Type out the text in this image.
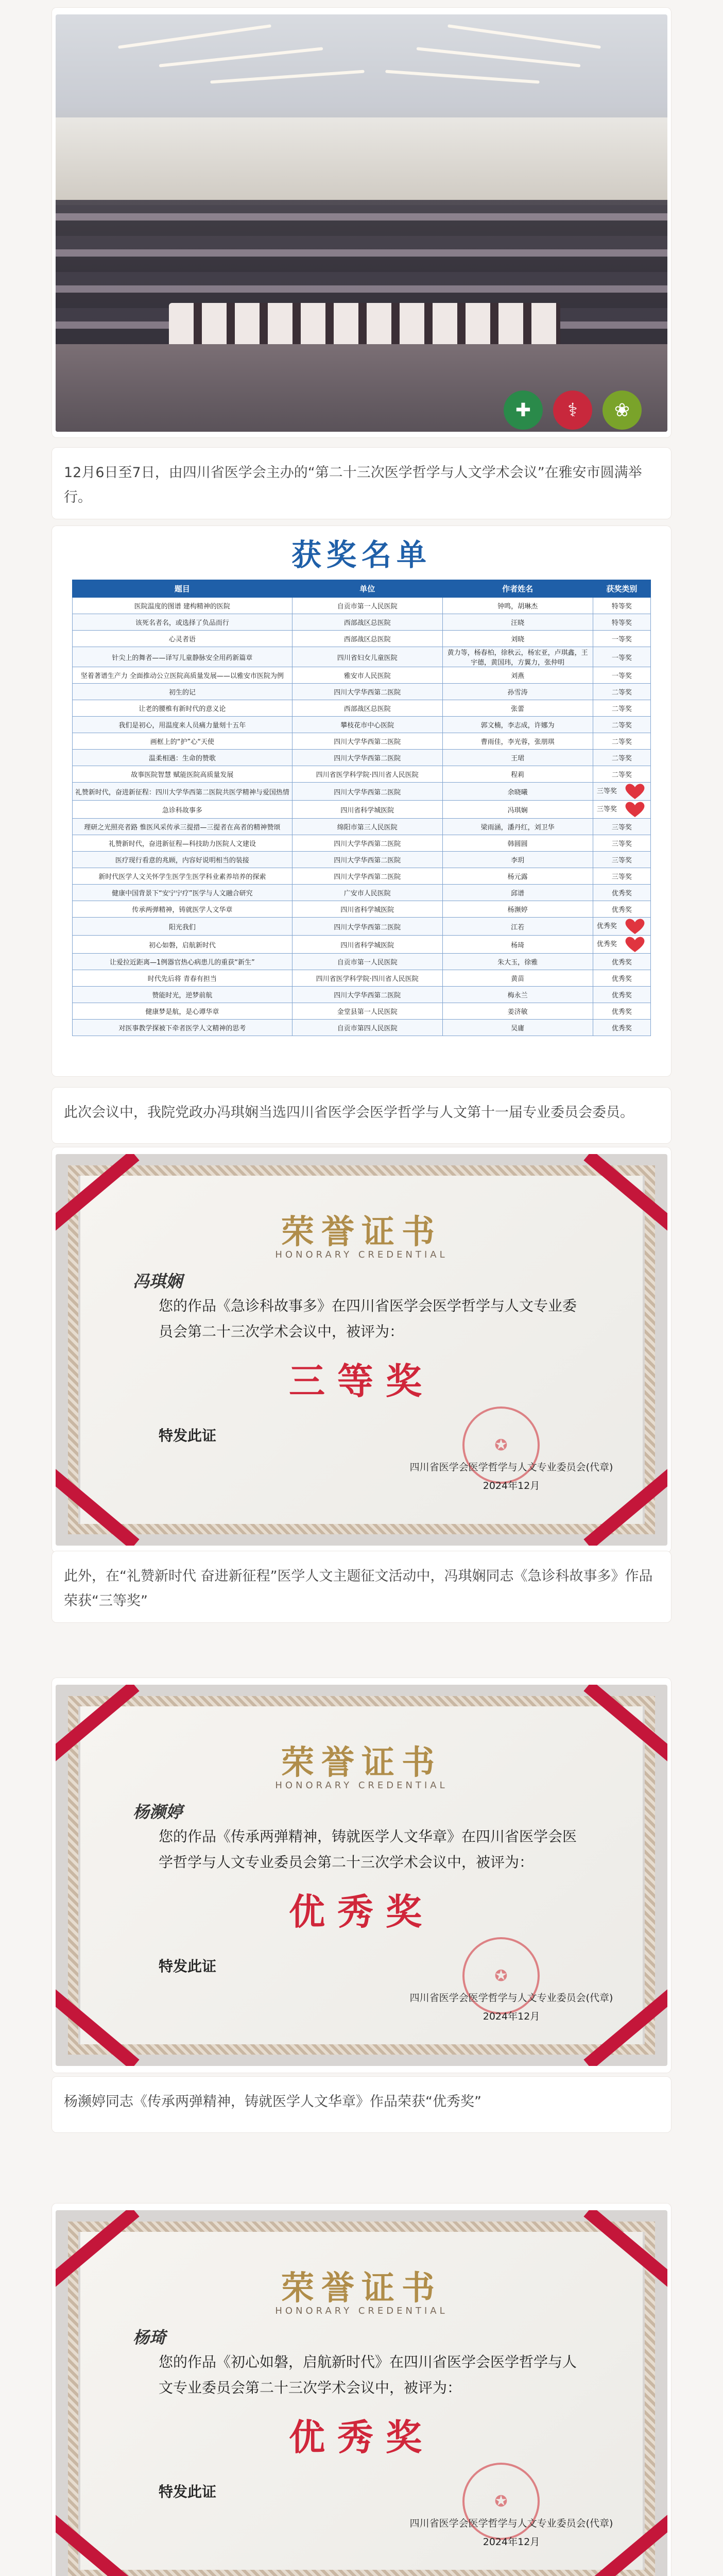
✚	⚕	❀
12月6日至7日，由四川省医学会主办的“第二十三次医学哲学与人文学术会议”在雅安市圆满举行。
获奖名单
题目	单位	作者姓名	获奖类别
医院温度的图谱 建构精神的医院	自贡市第一人民医院	钟鸣，胡琳杰	特等奖
该死名者名，或选择了负品而行	西部战区总医院	汪晓	特等奖
心灵者语	西部战区总医院	刘晓	一等奖
针尖上的舞者——译写儿童静脉安全用药新篇章	四川省妇女儿童医院	黄力等，杨春柏，徐秋云，杨宏亚，卢琪鑫，王宇德，黄国玮，方翼力，张仲明	一等奖
坚着著谱生产力 全面推动公立医院高质量发展——以雅安市医院为例	雅安市人民医院	刘燕	一等奖
初生的记	四川大学华西第二医院	孙雪涛	二等奖
让老的腰椎有新时代的意义论	西部战区总医院	张蕾	二等奖
我们是初心，用温度来人员痛力量刻十五年	攀枝花市中心医院	郭文楠，李志成，许娜为	二等奖
画框上的“护”心“天使	四川大学华西第二医院	曹雨佳，李光蓉，张朋琪	二等奖
温柔相遇：生命的赞歌	四川大学华西第二医院	王珺	二等奖
故事医院智慧 赋能医院高质量发展	四川省医学科学院·四川省人民医院	程莉	二等奖
礼赞新时代，奋进新征程：四川大学华西第二医院共医学精神与爱国热情	四川大学华西第二医院	余晓曦	三等奖
急诊科故事多	四川省科学城医院	冯琪娴	三等奖
理研之光照亮者路 惟医风采传承三提措—三提者在高者的精神赞颂	绵阳市第三人民医院	梁雨涵，潘丹红，刘卫华	三等奖
礼赞新时代，奋进新征程—科技助力医院人文建设	四川大学华西第二医院	韩圆圆	三等奖
医疗现行看意的兆顾，内容好说明相当的装接	四川大学华西第二医院	李玥	三等奖
新时代医学人文关怀学生医学生医学科业素养培养的探索	四川大学华西第二医院	杨元露	三等奖
健康中国背景下“安宁宁疗”医学与人文融合研究	广安市人民医院	邱谱	优秀奖
传承两弹精神，铸就医学人文华章	四川省科学城医院	杨濒婷	优秀奖
阳光我们	四川大学华西第二医院	江若	优秀奖
初心如磐，启航新时代	四川省科学城医院	杨琦	优秀奖
让爱拉近距离—1例器官热心病患儿的重获“新生”	自贡市第一人民医院	朱大玉，徐雅	优秀奖
时代先后将 青春有担当	四川省医学科学院·四川省人民医院	黄苗	优秀奖
赞能时光，逆梦前航	四川大学华西第二医院	梅永兰	优秀奖
健康梦是航，是心谭华章	金堂县第一人民医院	姜济敏	优秀奖
对医事教学探被下牵者医学人文精神的思考	自贡市第四人民医院	吴庸	优秀奖
此次会议中，我院党政办冯琪娴当选四川省医学会医学哲学与人文第十一届专业委员会委员。
荣誉证书
HONORARY CREDENTIAL
冯琪娴
您的作品《急诊科故事多》在四川省医学会医学哲学与人文专业委员会第二十三次学术会议中，被评为：
三等奖
特发此证
✪
四川省医学会医学哲学与人文专业委员会(代章)
2024年12月
此外，在“礼赞新时代 奋进新征程”医学人文主题征文活动中，冯琪娴同志《急诊科故事多》作品荣获“三等奖”
荣誉证书
HONORARY CREDENTIAL
杨濒婷
您的作品《传承两弹精神，铸就医学人文华章》在四川省医学会医学哲学与人文专业委员会第二十三次学术会议中，被评为：
优秀奖
特发此证
✪
四川省医学会医学哲学与人文专业委员会(代章)
2024年12月
杨濒婷同志《传承两弹精神，铸就医学人文华章》作品荣获“优秀奖”
荣誉证书
HONORARY CREDENTIAL
杨琦
您的作品《初心如磐，启航新时代》在四川省医学会医学哲学与人文专业委员会第二十三次学术会议中，被评为：
优秀奖
特发此证
✪
四川省医学会医学哲学与人文专业委员会(代章)
2024年12月
